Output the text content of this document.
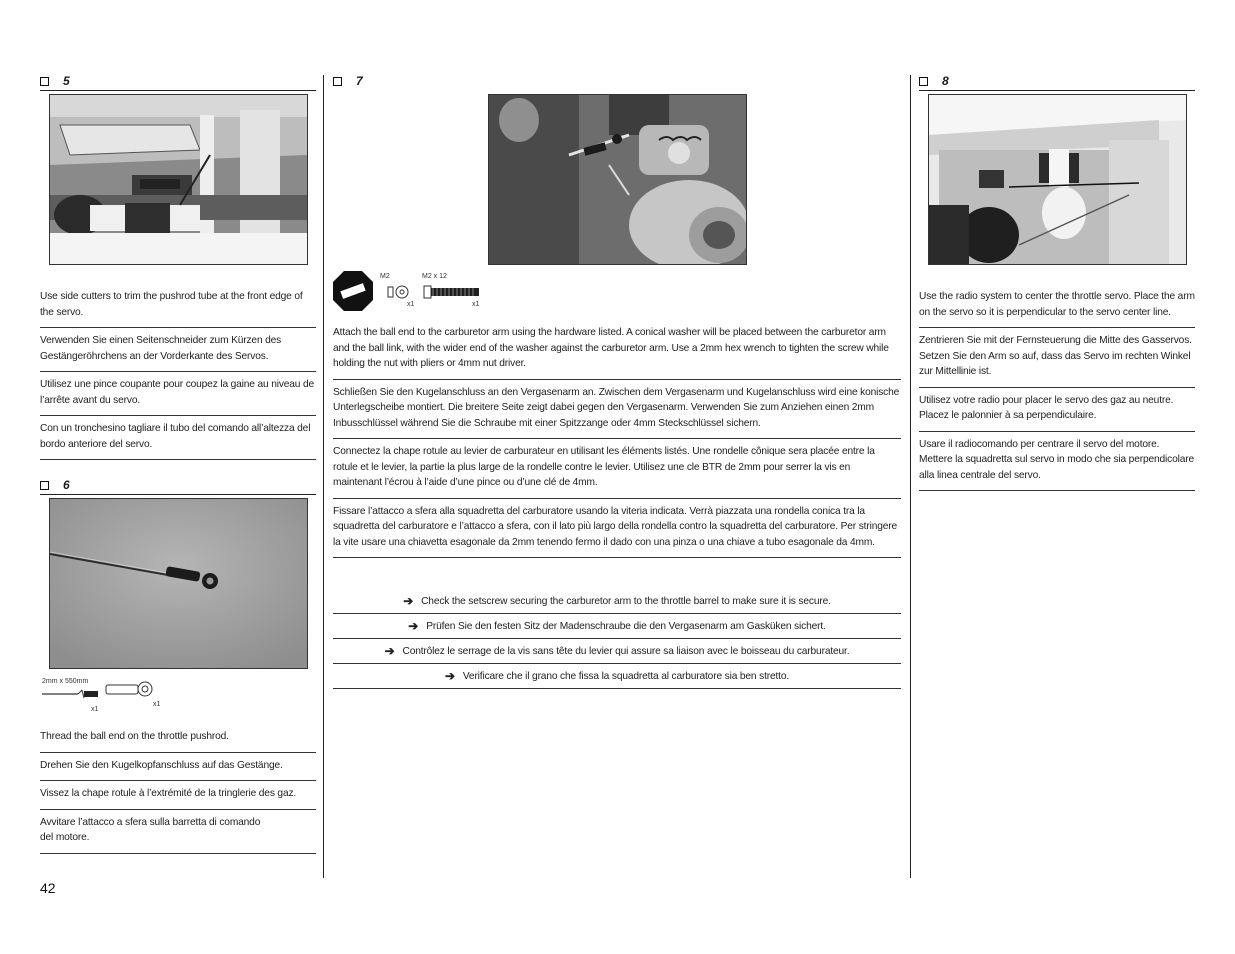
5
Use side cutters to trim the pushrod tube at the front edge of the servo.
Verwenden Sie einen Seitenschneider zum Kürzen des Gestängeröhrchens an der Vorderkante des Servos.
Utilisez une pince coupante pour coupez la gaine au niveau de l’arrête avant du servo.
Con un tronchesino tagliare il tubo del comando all’altezza del bordo anteriore del servo.
6
2mm x 550mm
x1
x1
Thread the ball end on the throttle pushrod.
Drehen Sie den Kugelkopfanschluss auf das Gestänge.
Vissez la chape rotule à l’extrémité de la tringlerie des gaz.
Avvitare l’attacco a sfera sulla barretta di comando del motore.
42
7
M2
x1
M2 x 12
x1
Attach the ball end to the carburetor arm using the hardware listed. A conical washer will be placed between the carburetor arm and the ball link, with the wider end of the washer against the carburetor arm. Use a 2mm hex wrench to tighten the screw while holding the nut with pliers or 4mm nut driver.
Schließen Sie den Kugelanschluss an den Vergasenarm an. Zwischen dem Vergasenarm und Kugelanschluss wird eine konische Unterlegscheibe montiert. Die breitere Seite zeigt dabei gegen den Vergasenarm. Verwenden Sie zum Anziehen einen 2mm Inbusschlüssel während Sie die Schraube mit einer Spitzzange oder 4mm Steckschlüssel sichern.
Connectez la chape rotule au levier de carburateur en utilisant les éléments listés. Une rondelle cônique sera placée entre la rotule et le levier, la partie la plus large de la rondelle contre le levier. Utilisez une cle BTR de 2mm pour serrer la vis en maintenant l’écrou à l’aide d’une pince ou d’une clé de 4mm.
Fissare l’attacco a sfera alla squadretta del carburatore usando la viteria indicata. Verrà piazzata una rondella conica tra la squadretta del carburatore e l’attacco a sfera, con il lato più largo della rondella contro la squadretta del carburatore. Per stringere la vite usare una chiavetta esagonale da 2mm tenendo fermo il dado con una pinza o una chiave a tubo esagonale da 4mm.
➔ Check the setscrew securing the carburetor arm to the throttle barrel to make sure it is secure.
➔ Prüfen Sie den festen Sitz der Madenschraube die den Vergasenarm am Gasküken sichert.
➔ Contrôlez le serrage de la vis sans tête du levier qui assure sa liaison avec le boisseau du carburateur.
➔ Verificare che il grano che fissa la squadretta al carburatore sia ben stretto.
8
Use the radio system to center the throttle servo. Place the arm on the servo so it is perpendicular to the servo center line.
Zentrieren Sie mit der Fernsteuerung die Mitte des Gasservos. Setzen Sie den Arm so auf, dass das Servo im rechten Winkel zur Mittellinie ist.
Utilisez votre radio pour placer le servo des gaz au neutre. Placez le palonnier à sa perpendiculaire.
Usare il radiocomando per centrare il servo del motore. Mettere la squadretta sul servo in modo che sia perpendicolare alla linea centrale del servo.
